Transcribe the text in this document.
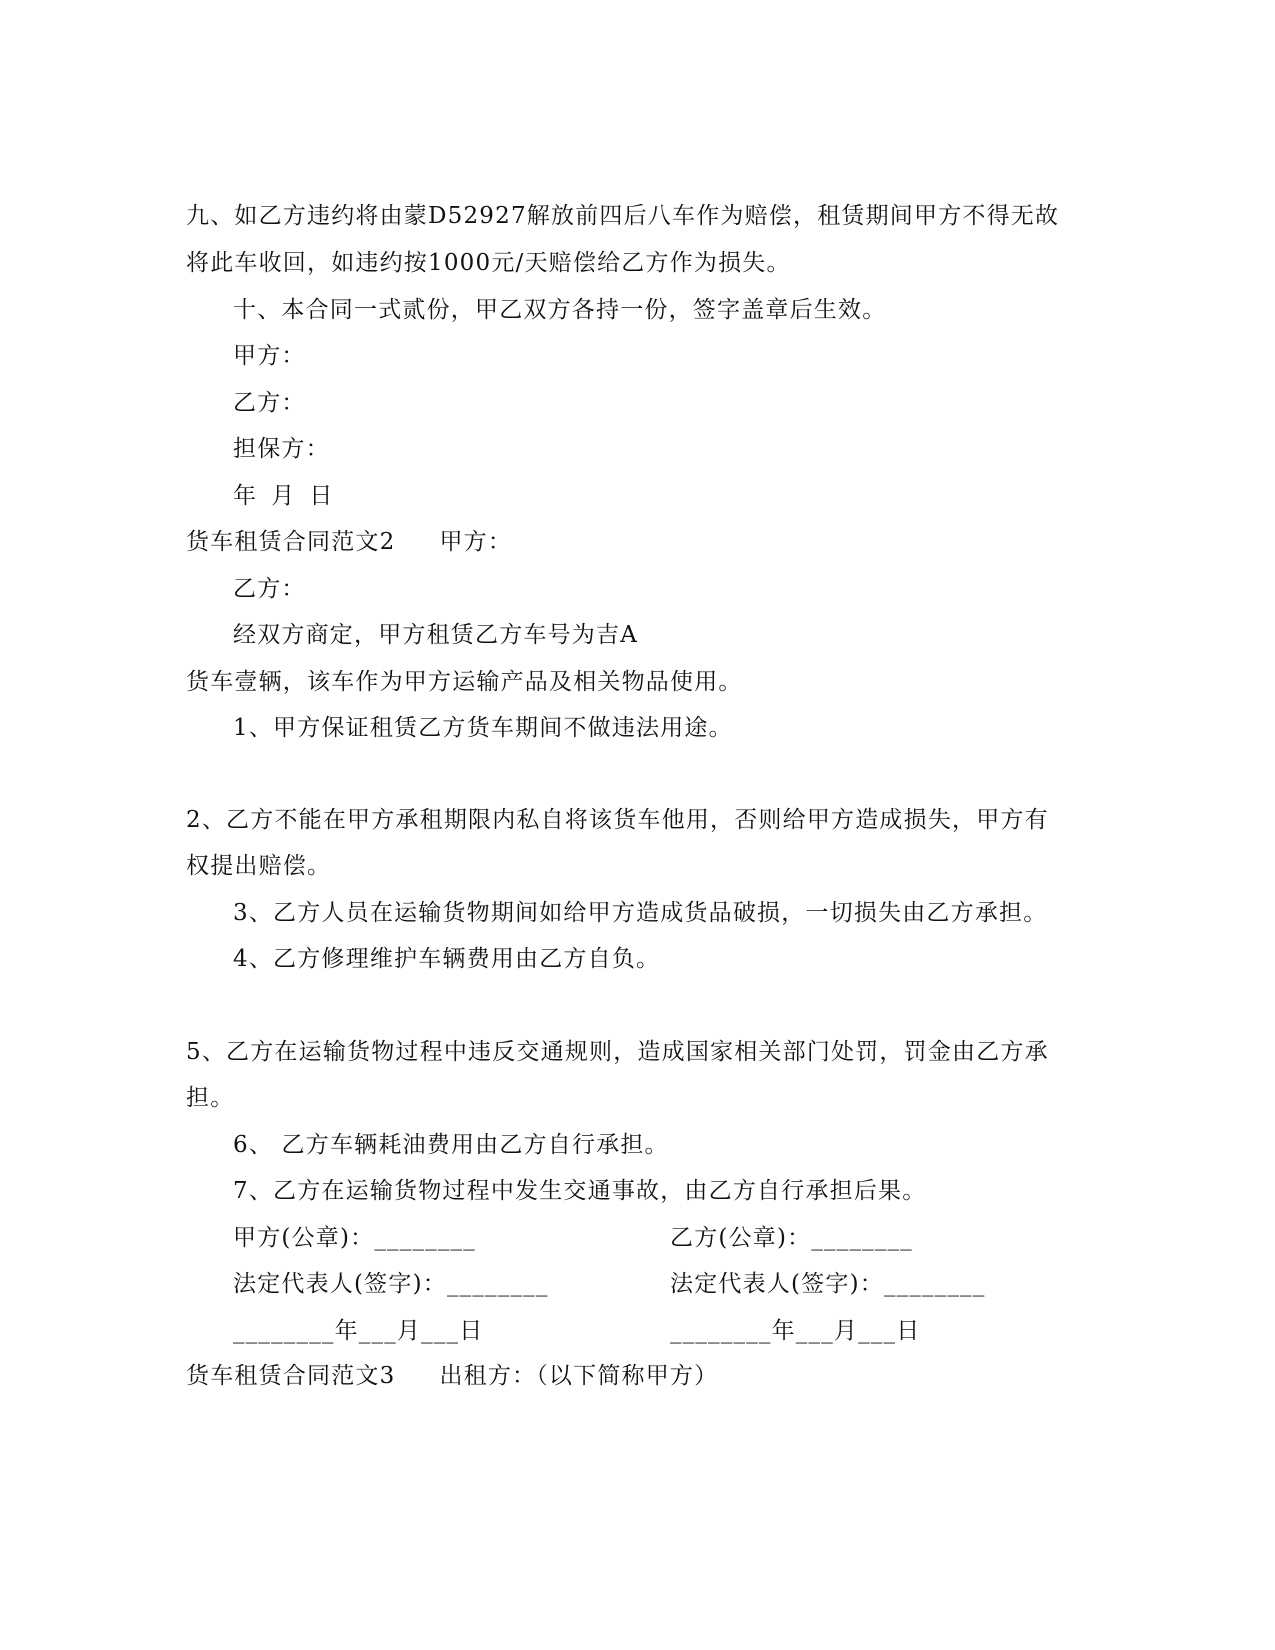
九、如乙方违约将由蒙D52927解放前四后八车作为赔偿，租赁期间甲方不得无故
将此车收回，如违约按1000元/天赔偿给乙方作为损失。
十、本合同一式贰份，甲乙双方各持一份，签字盖章后生效。
甲方：
乙方：
担保方：
年 月 日
货车租赁合同范文2 甲方：
乙方：
经双方商定，甲方租赁乙方车号为吉A
货车壹辆，该车作为甲方运输产品及相关物品使用。
1、甲方保证租赁乙方货车期间不做违法用途。
2、乙方不能在甲方承租期限内私自将该货车他用，否则给甲方造成损失，甲方有
权提出赔偿。
3、乙方人员在运输货物期间如给甲方造成货品破损，一切损失由乙方承担。
4、乙方修理维护车辆费用由乙方自负。
5、乙方在运输货物过程中违反交通规则，造成国家相关部门处罚，罚金由乙方承
担。
6、 乙方车辆耗油费用由乙方自行承担。
7、乙方在运输货物过程中发生交通事故，由乙方自行承担后果。
甲方(公章)：________	乙方(公章)：________
法定代表人(签字)：________	法定代表人(签字)：________
________年___月___日	________年___月___日
货车租赁合同范文3 出租方：（以下简称甲方）
